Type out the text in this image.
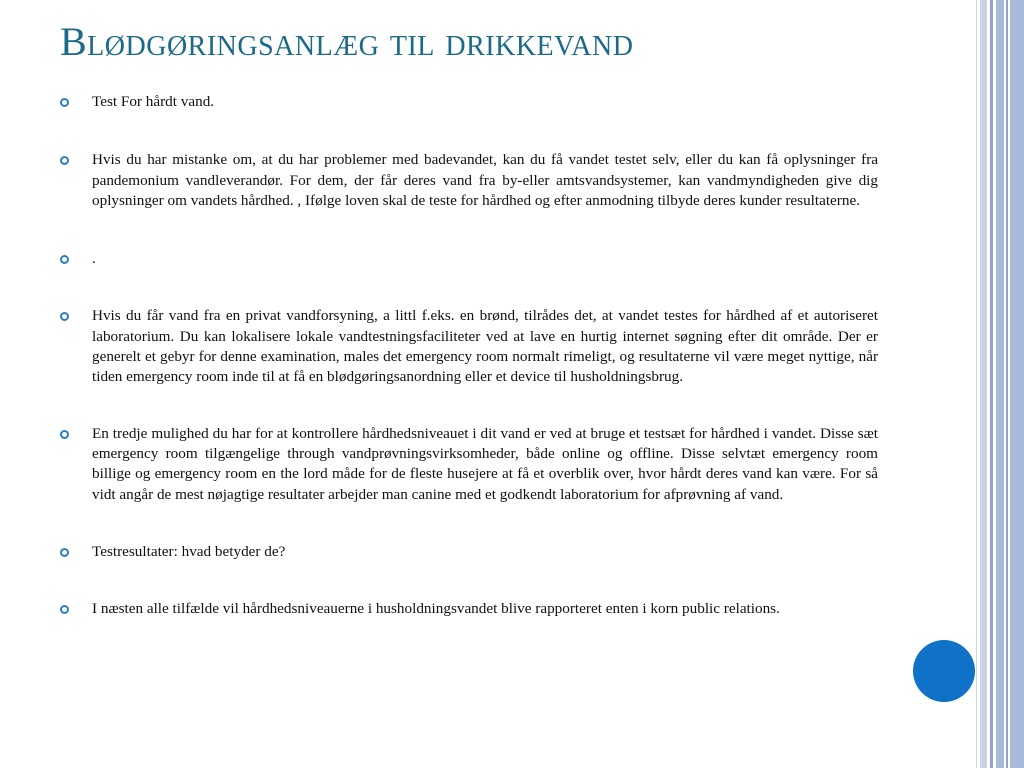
Blødgøringsanlæg til drikkevand
Test For hårdt vand.
Hvis du har mistanke om, at du har problemer med badevandet, kan du få vandet testet selv, eller du kan få oplysninger fra pandemonium vandleverandør. For dem, der får deres vand fra by-eller amtsvandsystemer, kan vandmyndigheden give dig oplysninger om vandets hårdhed. , Ifølge loven skal de teste for hårdhed og efter anmodning tilbyde deres kunder resultaterne.
.
Hvis du får vand fra en privat vandforsyning, a littl f.eks. en brønd, tilrådes det, at vandet testes for hårdhed af et autoriseret laboratorium. Du kan lokalisere lokale vandtestningsfaciliteter ved at lave en hurtig internet søgning efter dit område. Der er generelt et gebyr for denne examination, males det emergency room normalt rimeligt, og resultaterne vil være meget nyttige, når tiden emergency room inde til at få en blødgøringsanordning eller et device til husholdningsbrug.
En tredje mulighed du har for at kontrollere hårdhedsniveauet i dit vand er ved at bruge et testsæt for hårdhed i vandet. Disse sæt emergency room tilgængelige through vandprøvningsvirksomheder, både online og offline. Disse selvtæt emergency room billige og emergency room en the lord måde for de fleste husejere at få et overblik over, hvor hårdt deres vand kan være. For så vidt angår de mest nøjagtige resultater arbejder man canine med et godkendt laboratorium for afprøvning af vand.
Testresultater: hvad betyder de?
I næsten alle tilfælde vil hårdhedsniveauerne i husholdningsvandet blive rapporteret enten i korn public relations.
